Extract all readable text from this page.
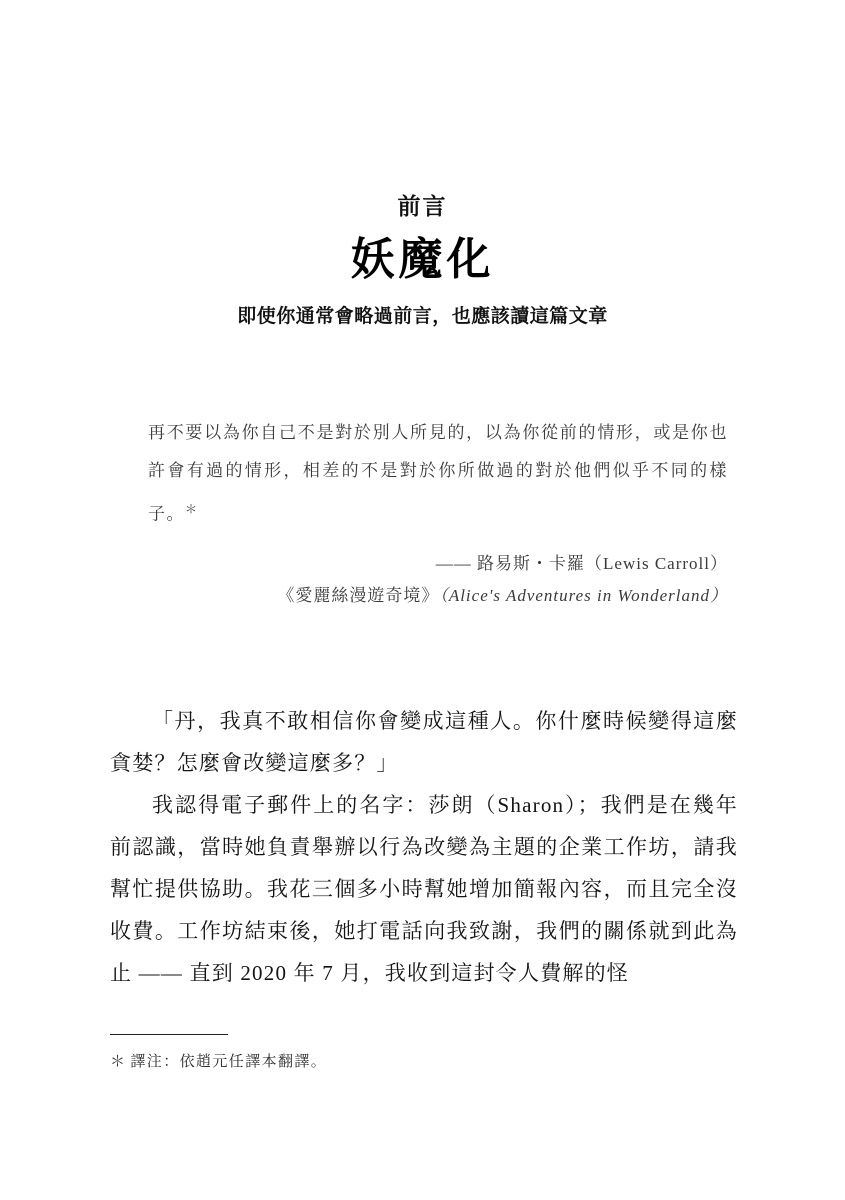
前言
妖魔化
即使你通常會略過前言，也應該讀這篇文章

再不要以為你自己不是對於別人所見的，以為你從前的情形，或是你也許會有過的情形，相差的不是對於你所做過的對於他們似乎不同的樣子。＊

—— 路易斯・卡羅（Lewis Carroll）
《愛麗絲漫遊奇境》（Alice's Adventures in Wonderland）

「丹，我真不敢相信你會變成這種人。你什麼時候變得這麼貪婪？怎麼會改變這麼多？」

我認得電子郵件上的名字：莎朗（Sharon）；我們是在幾年前認識，當時她負責舉辦以行為改變為主題的企業工作坊，請我幫忙提供協助。我花三個多小時幫她增加簡報內容，而且完全沒收費。工作坊結束後，她打電話向我致謝，我們的關係就到此為止 —— 直到 2020 年 7 月，我收到這封令人費解的怪

＊ 譯注：依趙元任譯本翻譯。
